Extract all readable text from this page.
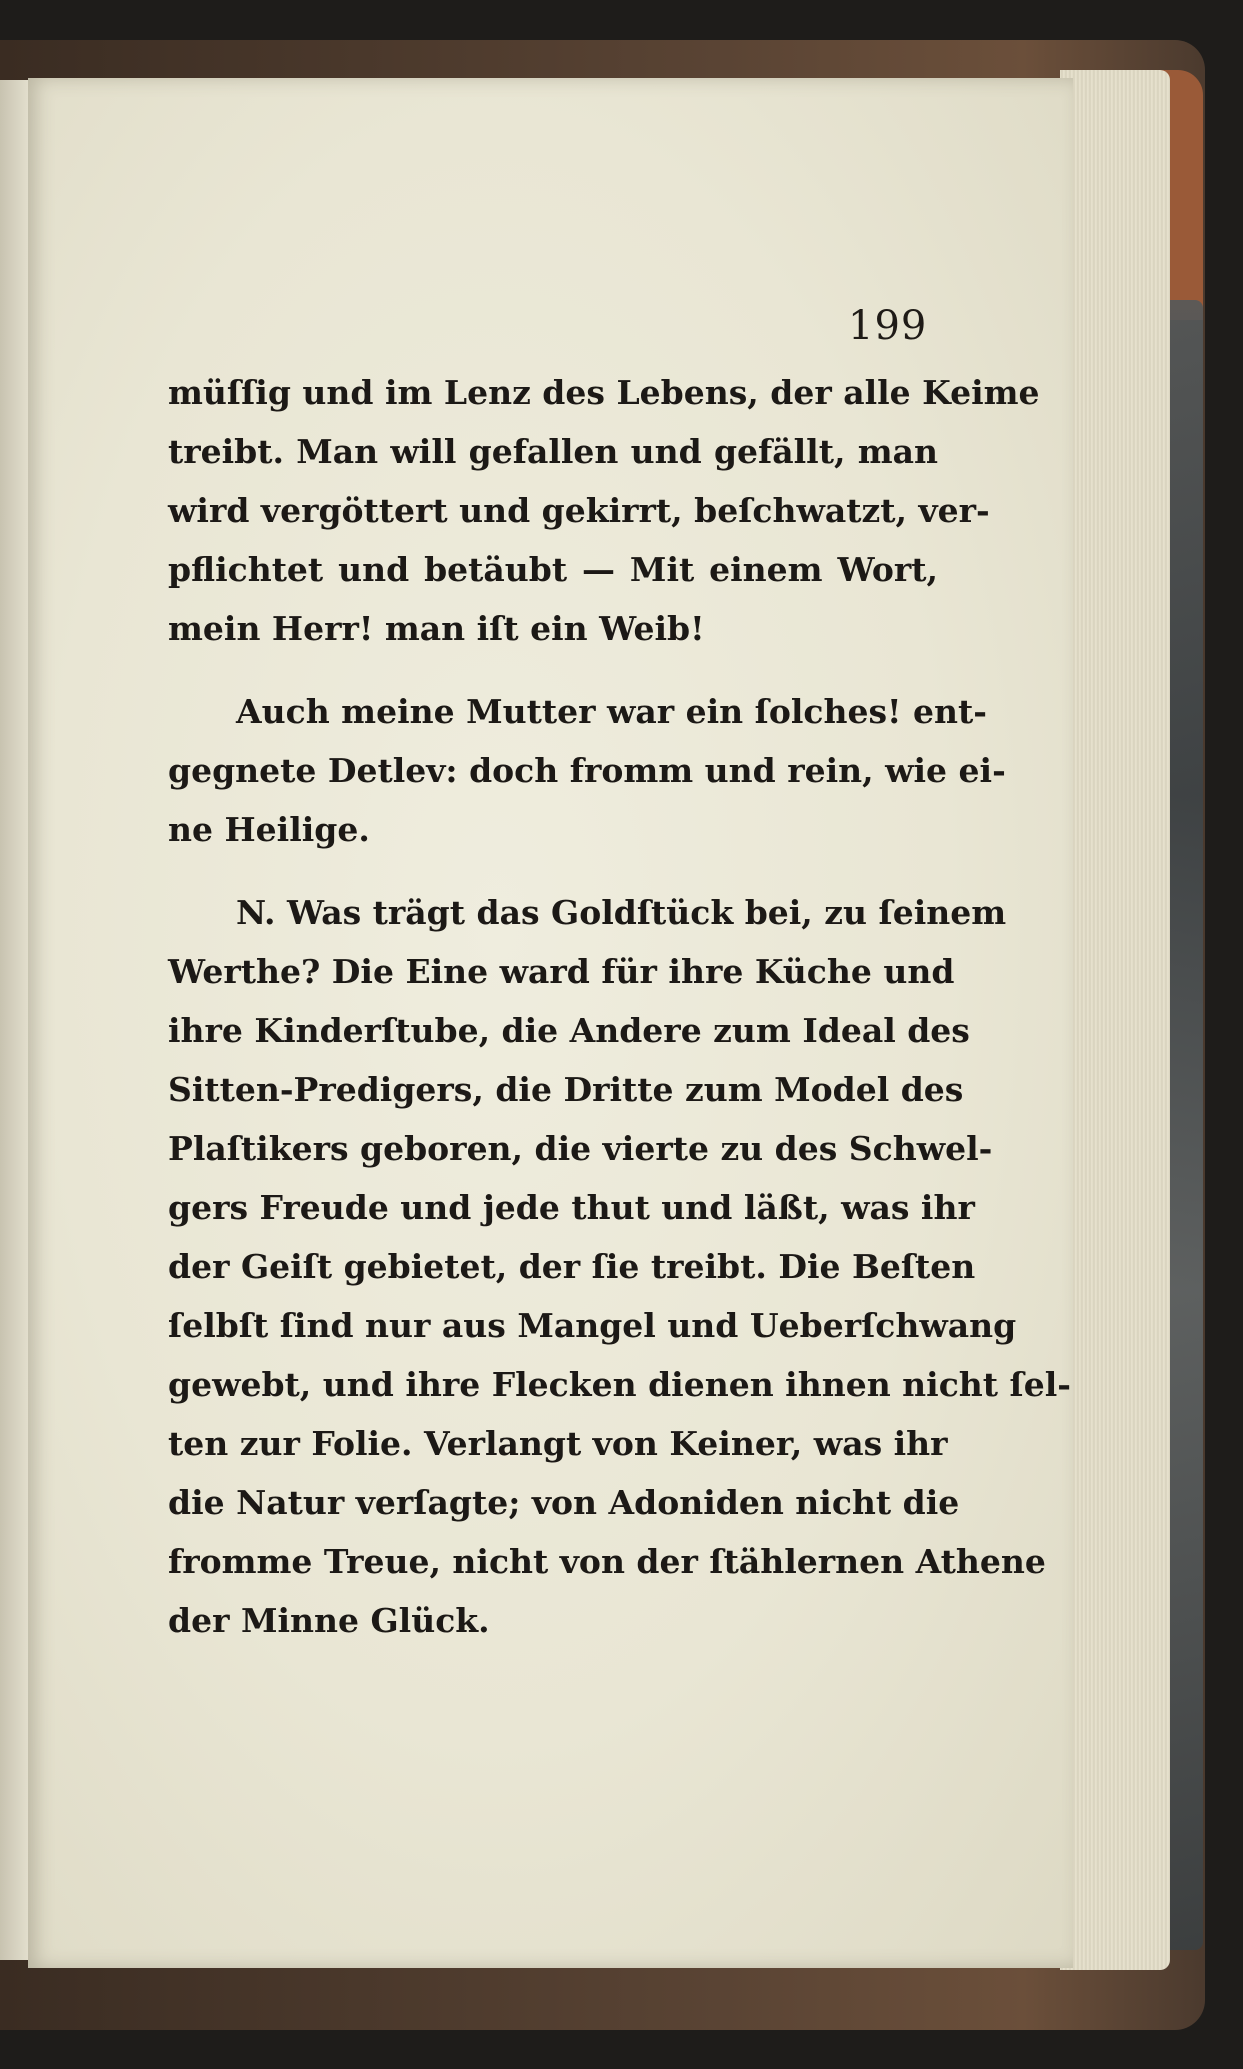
199
müſſig und im Lenz des Lebens, der alle Keime
treibt. Man will gefallen und gefällt, man
wird vergöttert und gekirrt, beſchwatzt, ver-
pflichtet und betäubt — Mit einem Wort,
mein Herr! man iſt ein Weib!
Auch meine Mutter war ein ſolches! ent-
gegnete Detlev: doch fromm und rein, wie ei-
ne Heilige.
N. Was trägt das Goldſtück bei, zu ſeinem
Werthe? Die Eine ward für ihre Küche und
ihre Kinderſtube, die Andere zum Ideal des
Sitten-Predigers, die Dritte zum Model des
Plaſtikers geboren, die vierte zu des Schwel-
gers Freude und jede thut und läßt, was ihr
der Geiſt gebietet, der ſie treibt. Die Beſten
ſelbſt ſind nur aus Mangel und Ueberſchwang
gewebt, und ihre Flecken dienen ihnen nicht ſel-
ten zur Folie. Verlangt von Keiner, was ihr
die Natur verſagte; von Adoniden nicht die
fromme Treue, nicht von der ſtählernen Athene
der Minne Glück.
